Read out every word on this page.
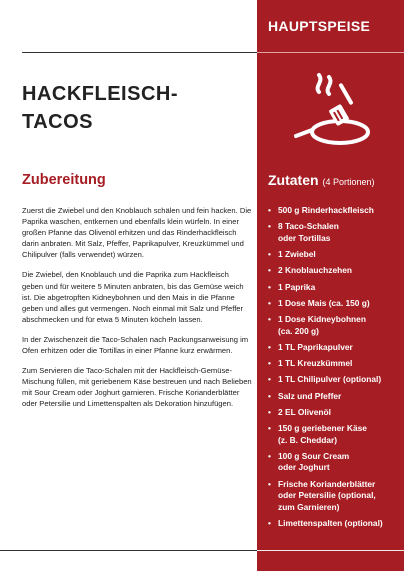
HAUPTSPEISE
HACKFLEISCH-
TACOS
Zubereitung

Zuerst die Zwiebel und den Knoblauch schälen und fein hacken. Die Paprika waschen, entkernen und ebenfalls klein würfeln. In einer großen Pfanne das Olivenöl erhitzen und das Rinderhackfleisch darin anbraten. Mit Salz, Pfeffer, Paprikapulver, Kreuzkümmel und Chilipulver (falls verwendet) würzen.

Die Zwiebel, den Knoblauch und die Paprika zum Hackfleisch geben und für weitere 5 Minuten anbraten, bis das Gemüse weich ist. Die abgetropften Kidneybohnen und den Mais in die Pfanne geben und alles gut vermengen. Noch einmal mit Salz und Pfeffer abschmecken und für etwa 5 Minuten köcheln lassen.

In der Zwischenzeit die Taco-Schalen nach Packungsanweisung im Ofen erhitzen oder die Tortillas in einer Pfanne kurz erwärmen.

Zum Servieren die Taco-Schalen mit der Hackfleisch-Gemüse-Mischung füllen, mit geriebenem Käse bestreuen und nach Belieben mit Sour Cream oder Joghurt garnieren. Frische Korianderblätter oder Petersilie und Limettenspalten als Dekoration hinzufügen.

Zutaten (4 Portionen)
• 500 g Rinderhackfleisch
• 8 Taco-Schalen
oder Tortillas
• 1 Zwiebel
• 2 Knoblauchzehen
• 1 Paprika
• 1 Dose Mais (ca. 150 g)
• 1 Dose Kidneybohnen
(ca. 200 g)
• 1 TL Paprikapulver
• 1 TL Kreuzkümmel
• 1 TL Chilipulver (optional)
• Salz und Pfeffer
• 2 EL Olivenöl
• 150 g geriebener Käse
(z. B. Cheddar)
• 100 g Sour Cream
oder Joghurt
• Frische Korianderblätter
oder Petersilie (optional,
zum Garnieren)
• Limettenspalten (optional)
